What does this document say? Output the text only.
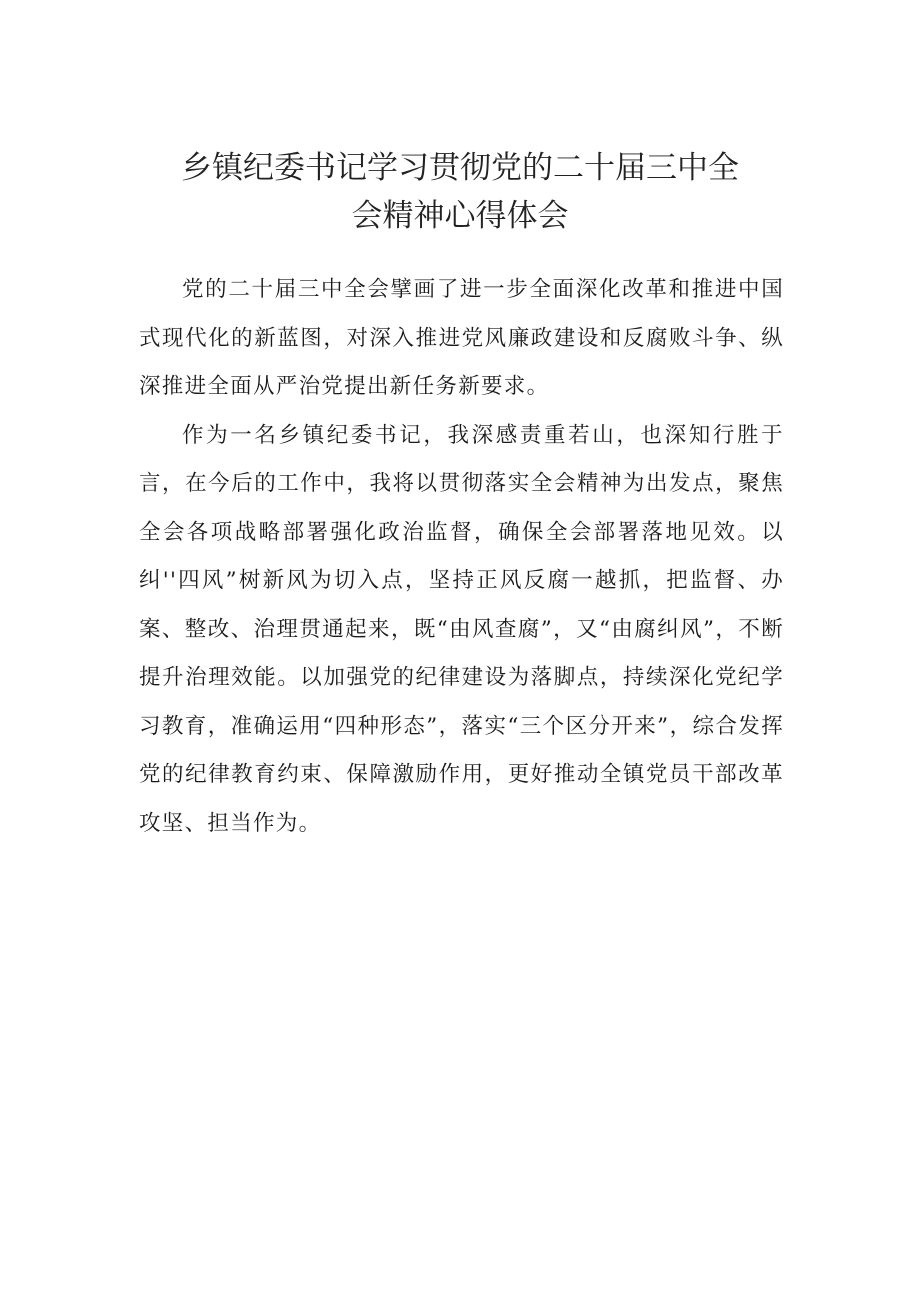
乡镇纪委书记学习贯彻党的二十届三中全
会精神心得体会

党的二十届三中全会擘画了进一步全面深化改革和推进中国式现代化的新蓝图，对深入推进党风廉政建设和反腐败斗争、纵深推进全面从严治党提出新任务新要求。

作为一名乡镇纪委书记，我深感责重若山，也深知行胜于言，在今后的工作中，我将以贯彻落实全会精神为出发点，聚焦全会各项战略部署强化政治监督，确保全会部署落地见效。以纠''四风”树新风为切入点，坚持正风反腐一越抓，把监督、办案、整改、治理贯通起来，既“由风查腐”，又“由腐纠风”，不断提升治理效能。以加强党的纪律建设为落脚点，持续深化党纪学习教育，准确运用“四种形态”，落实“三个区分开来”，综合发挥党的纪律教育约束、保障激励作用，更好推动全镇党员干部改革攻坚、担当作为。
